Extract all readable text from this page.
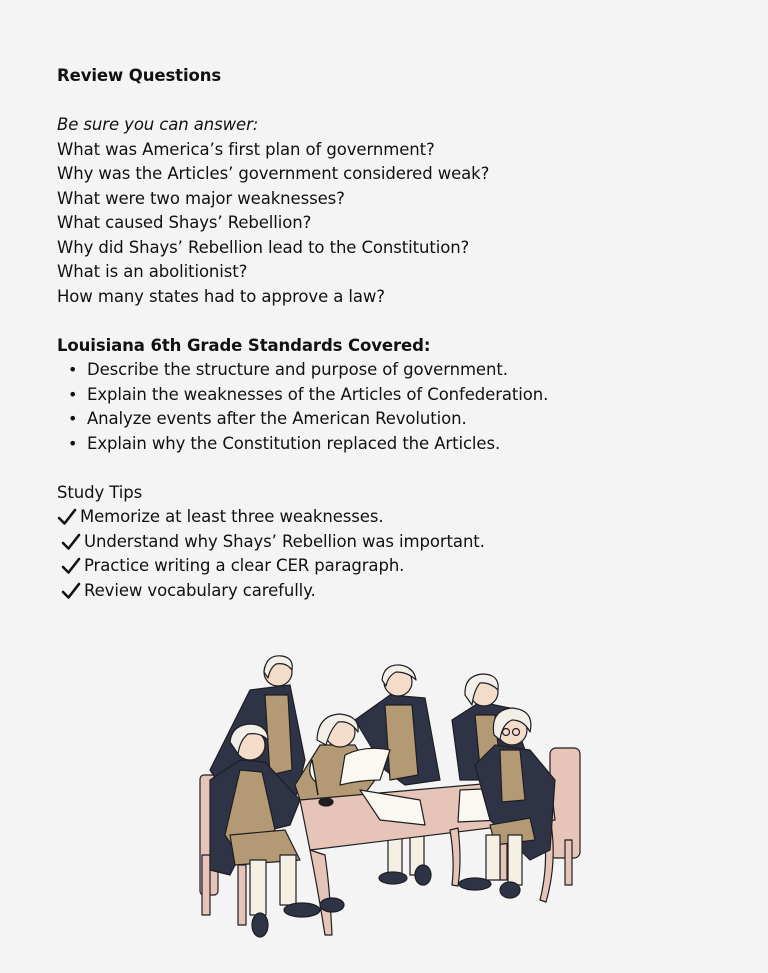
Review Questions
Be sure you can answer:
What was America’s first plan of government?
Why was the Articles’ government considered weak?
What were two major weaknesses?
What caused Shays’ Rebellion?
Why did Shays’ Rebellion lead to the Constitution?
What is an abolitionist?
How many states had to approve a law?
Louisiana 6th Grade Standards Covered:
• Describe the structure and purpose of government.
• Explain the weaknesses of the Articles of Confederation.
• Analyze events after the American Revolution.
• Explain why the Constitution replaced the Articles.
Study Tips
Memorize at least three weaknesses.
Understand why Shays’ Rebellion was important.
Practice writing a clear CER paragraph.
Review vocabulary carefully.
